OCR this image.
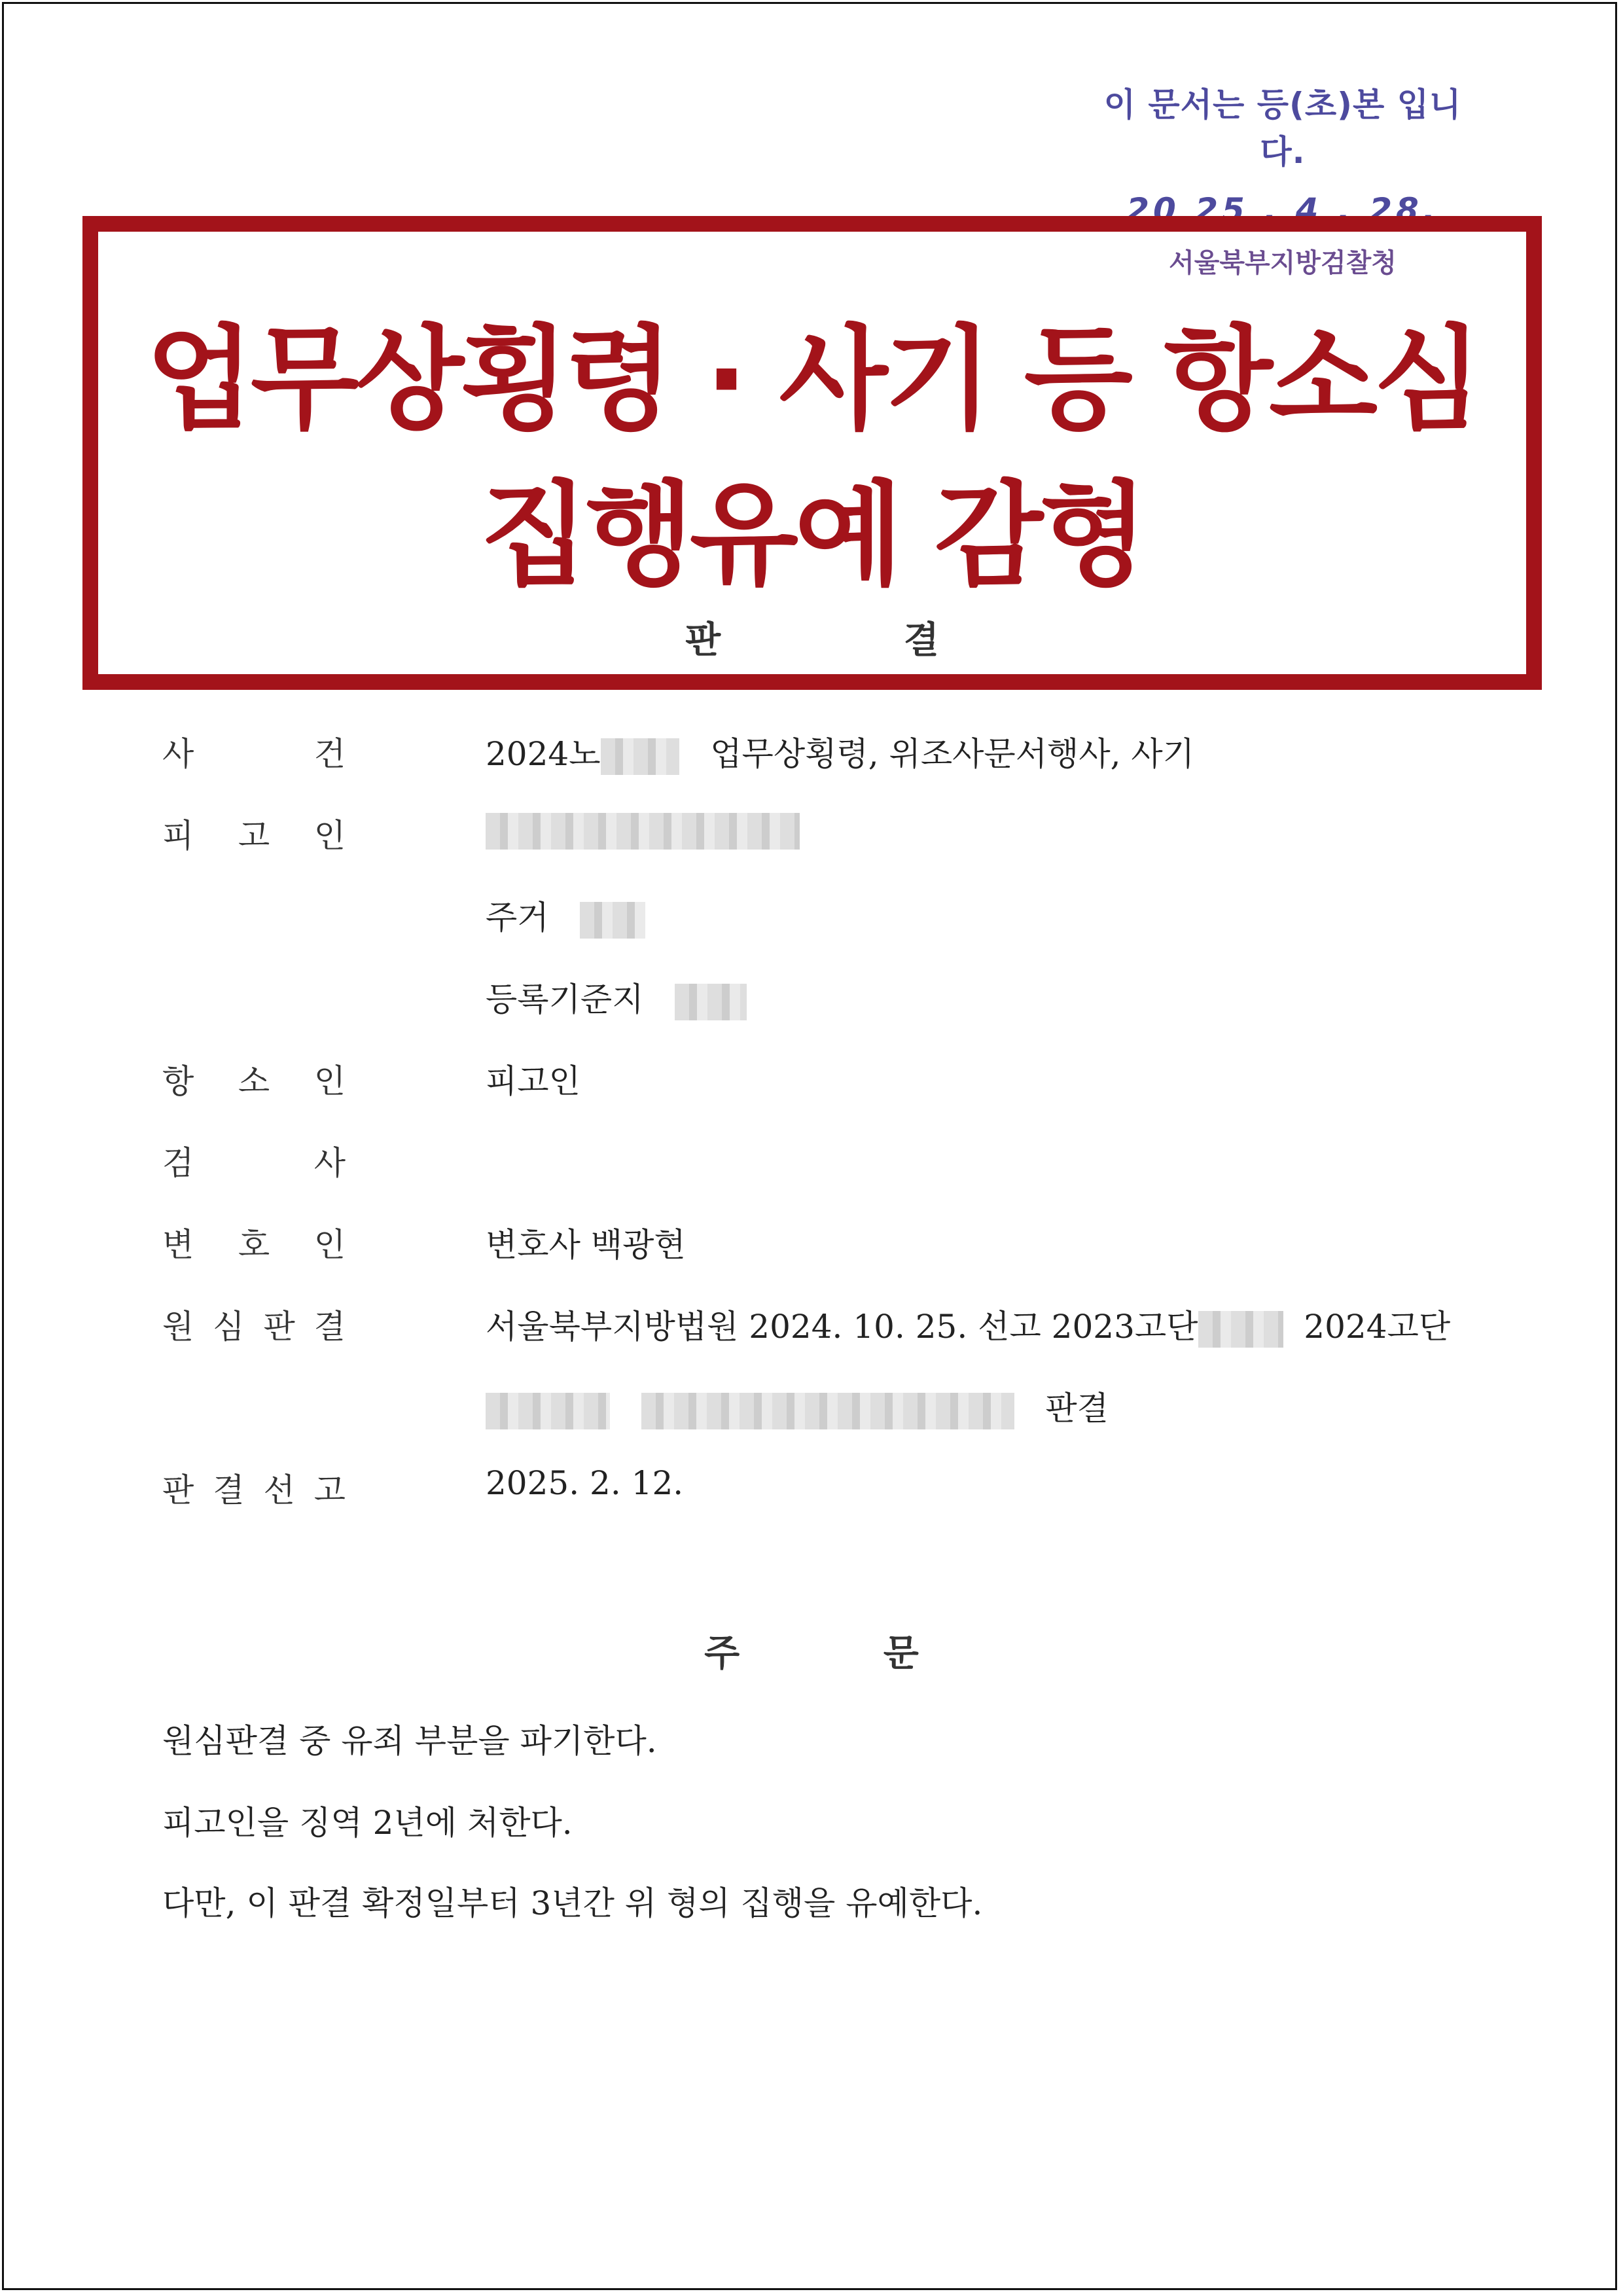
이 문서는 등(초)본 입니다.
20 25 . 4 . 28.
서울북부지방검찰청
업무상횡령 · 사기 등 항소심
집행유예 감형
판 결
사	건	2024노	업무상횡령, 위조사문서행사, 사기
피 고 인
주거
등록기준지
항 소 인	피고인
검	사
변 호 인	변호사 백광현
원 심 판 결	서울북부지방법원 2024. 10. 25. 선고 2023고단	2024고단
판결
판 결 선 고	2025. 2. 12.
주 문
원심판결 중 유죄 부분을 파기한다.
피고인을 징역 2년에 처한다.
다만, 이 판결 확정일부터 3년간 위 형의 집행을 유예한다.
